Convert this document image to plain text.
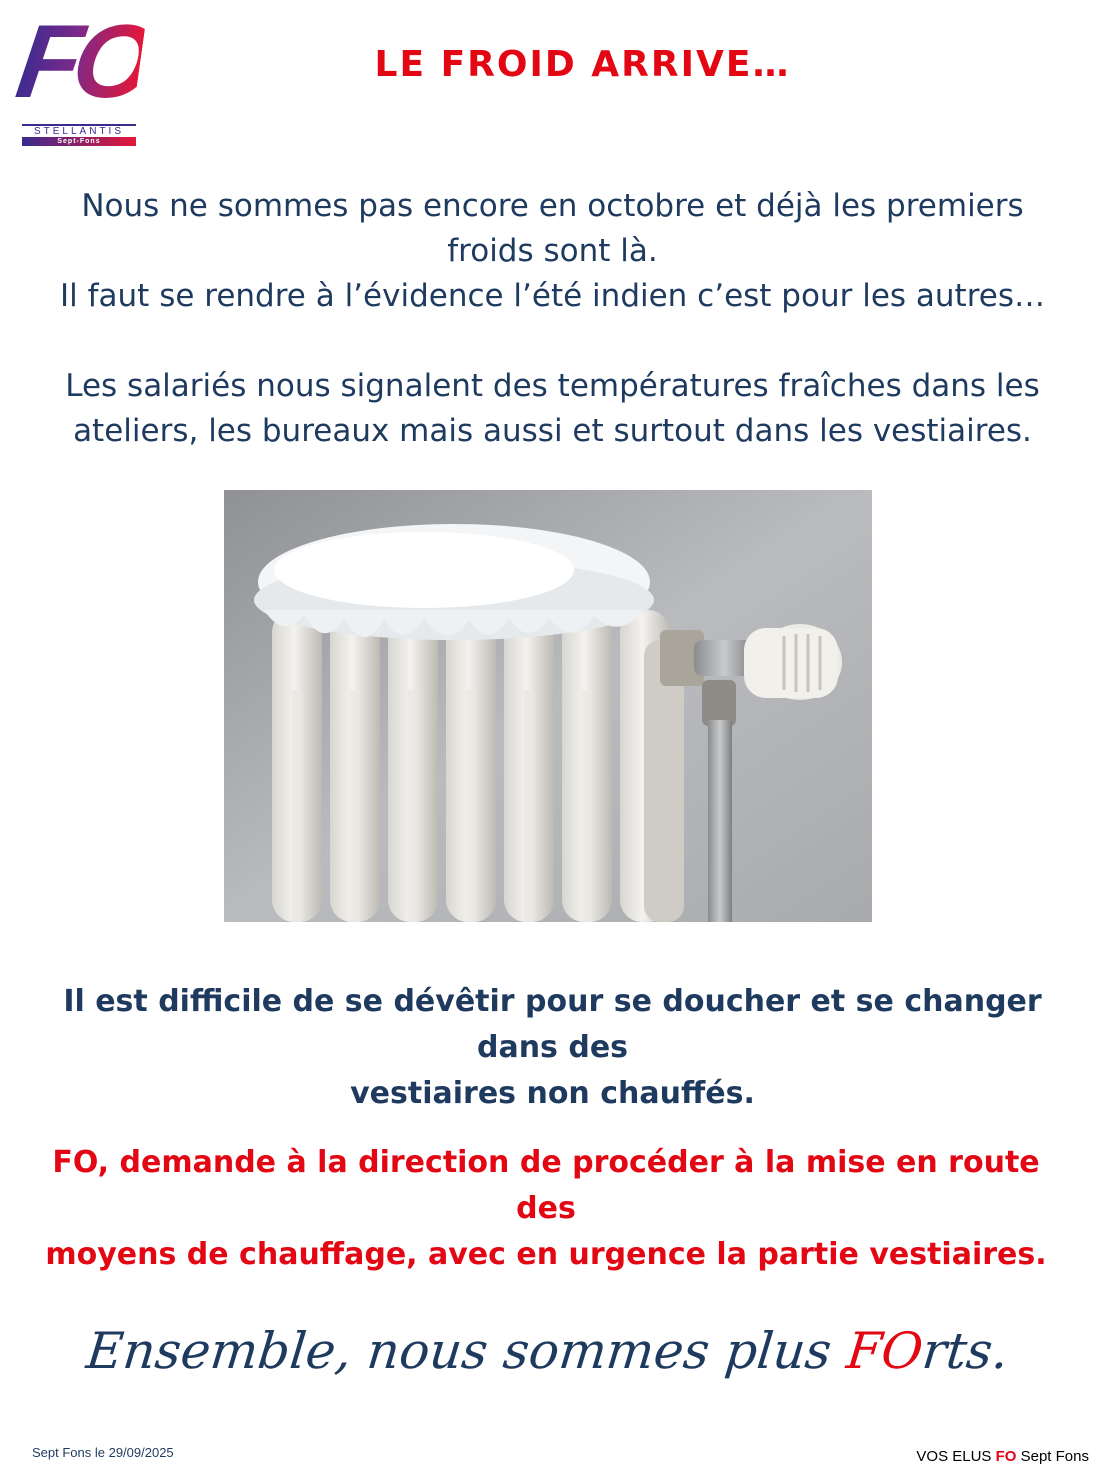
FO
STELLANTIS
Sept-Fons
LE FROID ARRIVE…
Nous ne sommes pas encore en octobre et déjà les premiers
froids sont là.
Il faut se rendre à l’évidence l’été indien c’est pour les autres…
Les salariés nous signalent des températures fraîches dans les
ateliers, les bureaux mais aussi et surtout dans les vestiaires.
Il est difficile de se dévêtir pour se doucher et se changer dans des
vestiaires non chauffés.
FO, demande à la direction de procéder à la mise en route des
moyens de chauffage, avec en urgence la partie vestiaires.
Ensemble, nous sommes plus FOrts.
Sept Fons le 29/09/2025	VOS ELUS FO Sept Fons
